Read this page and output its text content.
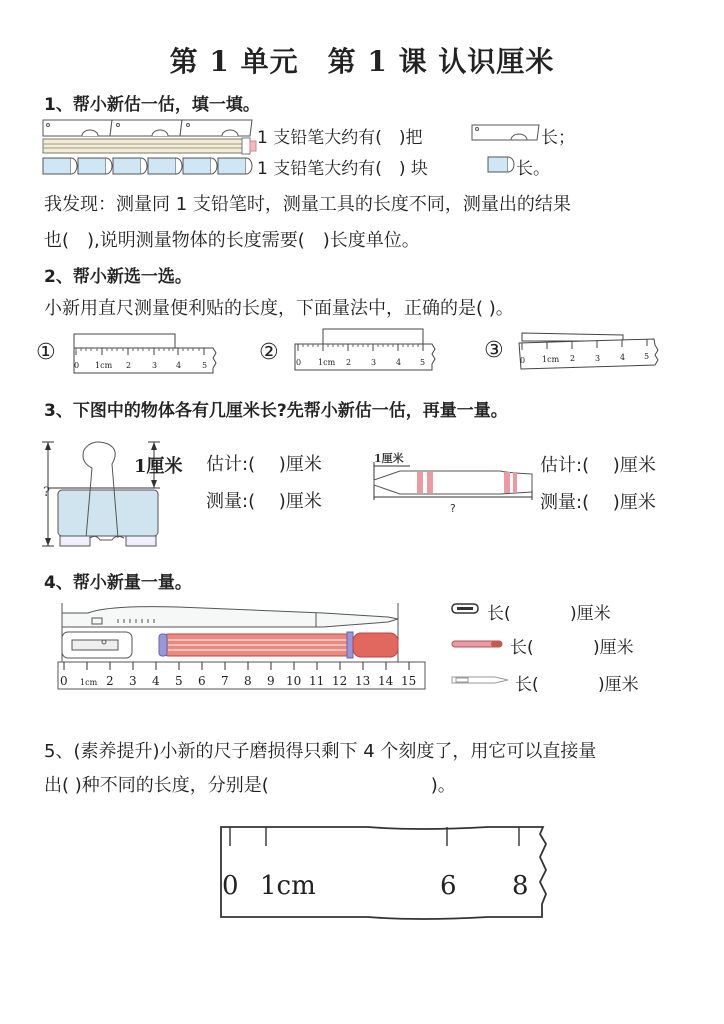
第 1 单元　第 1 课 认识厘米
1、帮小新估一估，填一填。
1 支铅笔大约有(　)把	长；
1 支铅笔大约有(　) 块	长。
我发现：测量同 1 支铅笔时，测量工具的长度不同，测量出的结果
也(　),说明测量物体的长度需要(　)长度单位。
2、帮小新选一选。
小新用直尺测量便利贴的长度，下面量法中，正确的是( )。
①
0 1cm 2	3 4	5
② 0 1cm 2 3 4 5	③ 0 1cm 2 3 4 5
3、下图中的物体各有几厘米长?先帮小新估一估，再量一量。
?
1厘米 估计:(　 )厘米
测量:(　 )厘米
1厘米
?
估计:(　 )厘米
测量:(　 )厘米
4、帮小新量一量。
0 1cm 2 3 4 5 6 7 8 9 10 11 12 13 14 15
长(	)厘米
长(	)厘米
长(	)厘米
5、(素养提升)小新的尺子磨损得只剩下 4 个刻度了，用它可以直接量
出( )种不同的长度，分别是(　　　　　　　　　)。
0 1cm	6 8
